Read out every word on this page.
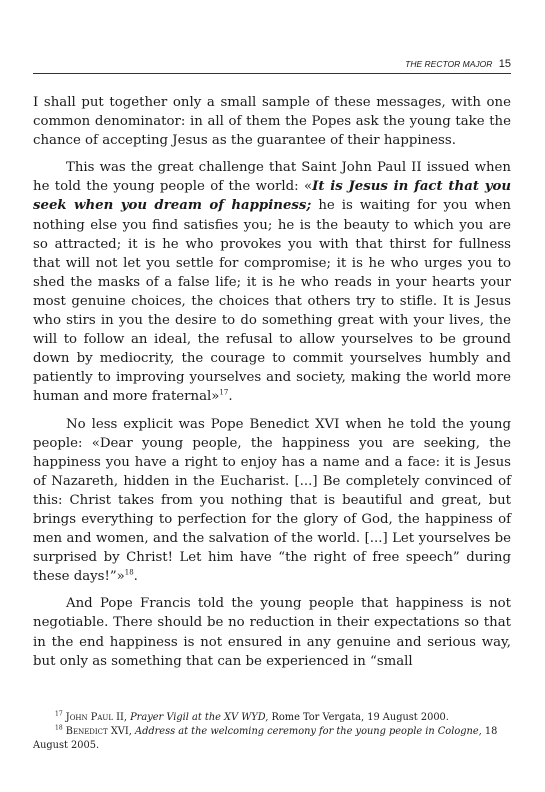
THE RECTOR MAJOR 15

I shall put together only a small sample of these messages, with one common denominator: in all of them the Popes ask the young take the chance of accepting Jesus as the guarantee of their happiness.

This was the great challenge that Saint John Paul II issued when he told the young people of the world: «It is Jesus in fact that you seek when you dream of happiness; he is waiting for you when nothing else you find satisfies you; he is the beauty to which you are so attracted; it is he who provokes you with that thirst for fullness that will not let you settle for compromise; it is he who urges you to shed the masks of a false life; it is he who reads in your hearts your most genuine choices, the choices that others try to stifle. It is Jesus who stirs in you the desire to do something great with your lives, the will to follow an ideal, the refusal to allow yourselves to be ground down by mediocrity, the courage to commit yourselves humbly and patiently to improving yourselves and society, making the world more human and more fraternal»$^{17}$.

No less explicit was Pope Benedict XVI when he told the young people: «Dear young people, the happiness you are seeking, the happiness you have a right to enjoy has a name and a face: it is Jesus of Nazareth, hidden in the Eucharist. [...] Be completely convinced of this: Christ takes from you nothing that is beautiful and great, but brings everything to perfection for the glory of God, the happiness of men and women, and the salvation of the world. [...] Let yourselves be surprised by Christ! Let him have “the right of free speech” during these days!”»$^{18}$.

And Pope Francis told the young people that happiness is not negotiable. There should be no reduction in their expectations so that in the end happiness is not ensured in any genuine and serious way, but only as something that can be experienced in “small

$^{17}$ John Paul II, Prayer Vigil at the XV WYD, Rome Tor Vergata, 19 August 2000.
$^{18}$ Benedict XVI, Address at the welcoming ceremony for the young people in Cologne, 18 August 2005.
